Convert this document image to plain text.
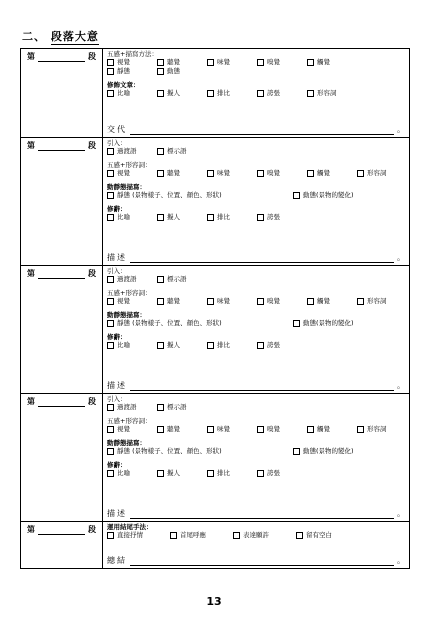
二、 段落大意
第	段 五感+描寫方法：
視覺	聽覺	味覺	嗅覺	觸覺
靜態	動態
修飾文章：
比喻	擬人	排比	誇張	形容詞
交代	。
第	段 引入：
過渡語	標示語
五感+形容詞：
視覺	聽覺	味覺	嗅覺	觸覺	形容詞
動靜態描寫：
靜態 (景物樣子、位置、顏色、形狀)	動態(景物的變化)
修辭：
比喻	擬人	排比	誇張
描述	。
第	段 引入：
過渡語	標示語
五感+形容詞：
視覺	聽覺	味覺	嗅覺	觸覺	形容詞
動靜態描寫：
靜態 (景物樣子、位置、顏色、形狀)	動態(景物的變化)
修辭：
比喻	擬人	排比	誇張
描述	。
第	段 引入：
過渡語	標示語
五感+形容詞：
視覺	聽覺	味覺	嗅覺	觸覺	形容詞
動靜態描寫：
靜態 (景物樣子、位置、顏色、形狀)	動態(景物的變化)
修辭：
比喻	擬人	排比	誇張
描述	。
第	段 運用結尾手法：
直接抒情	首尾呼應	表達願許	留有空白
總結	。
13
